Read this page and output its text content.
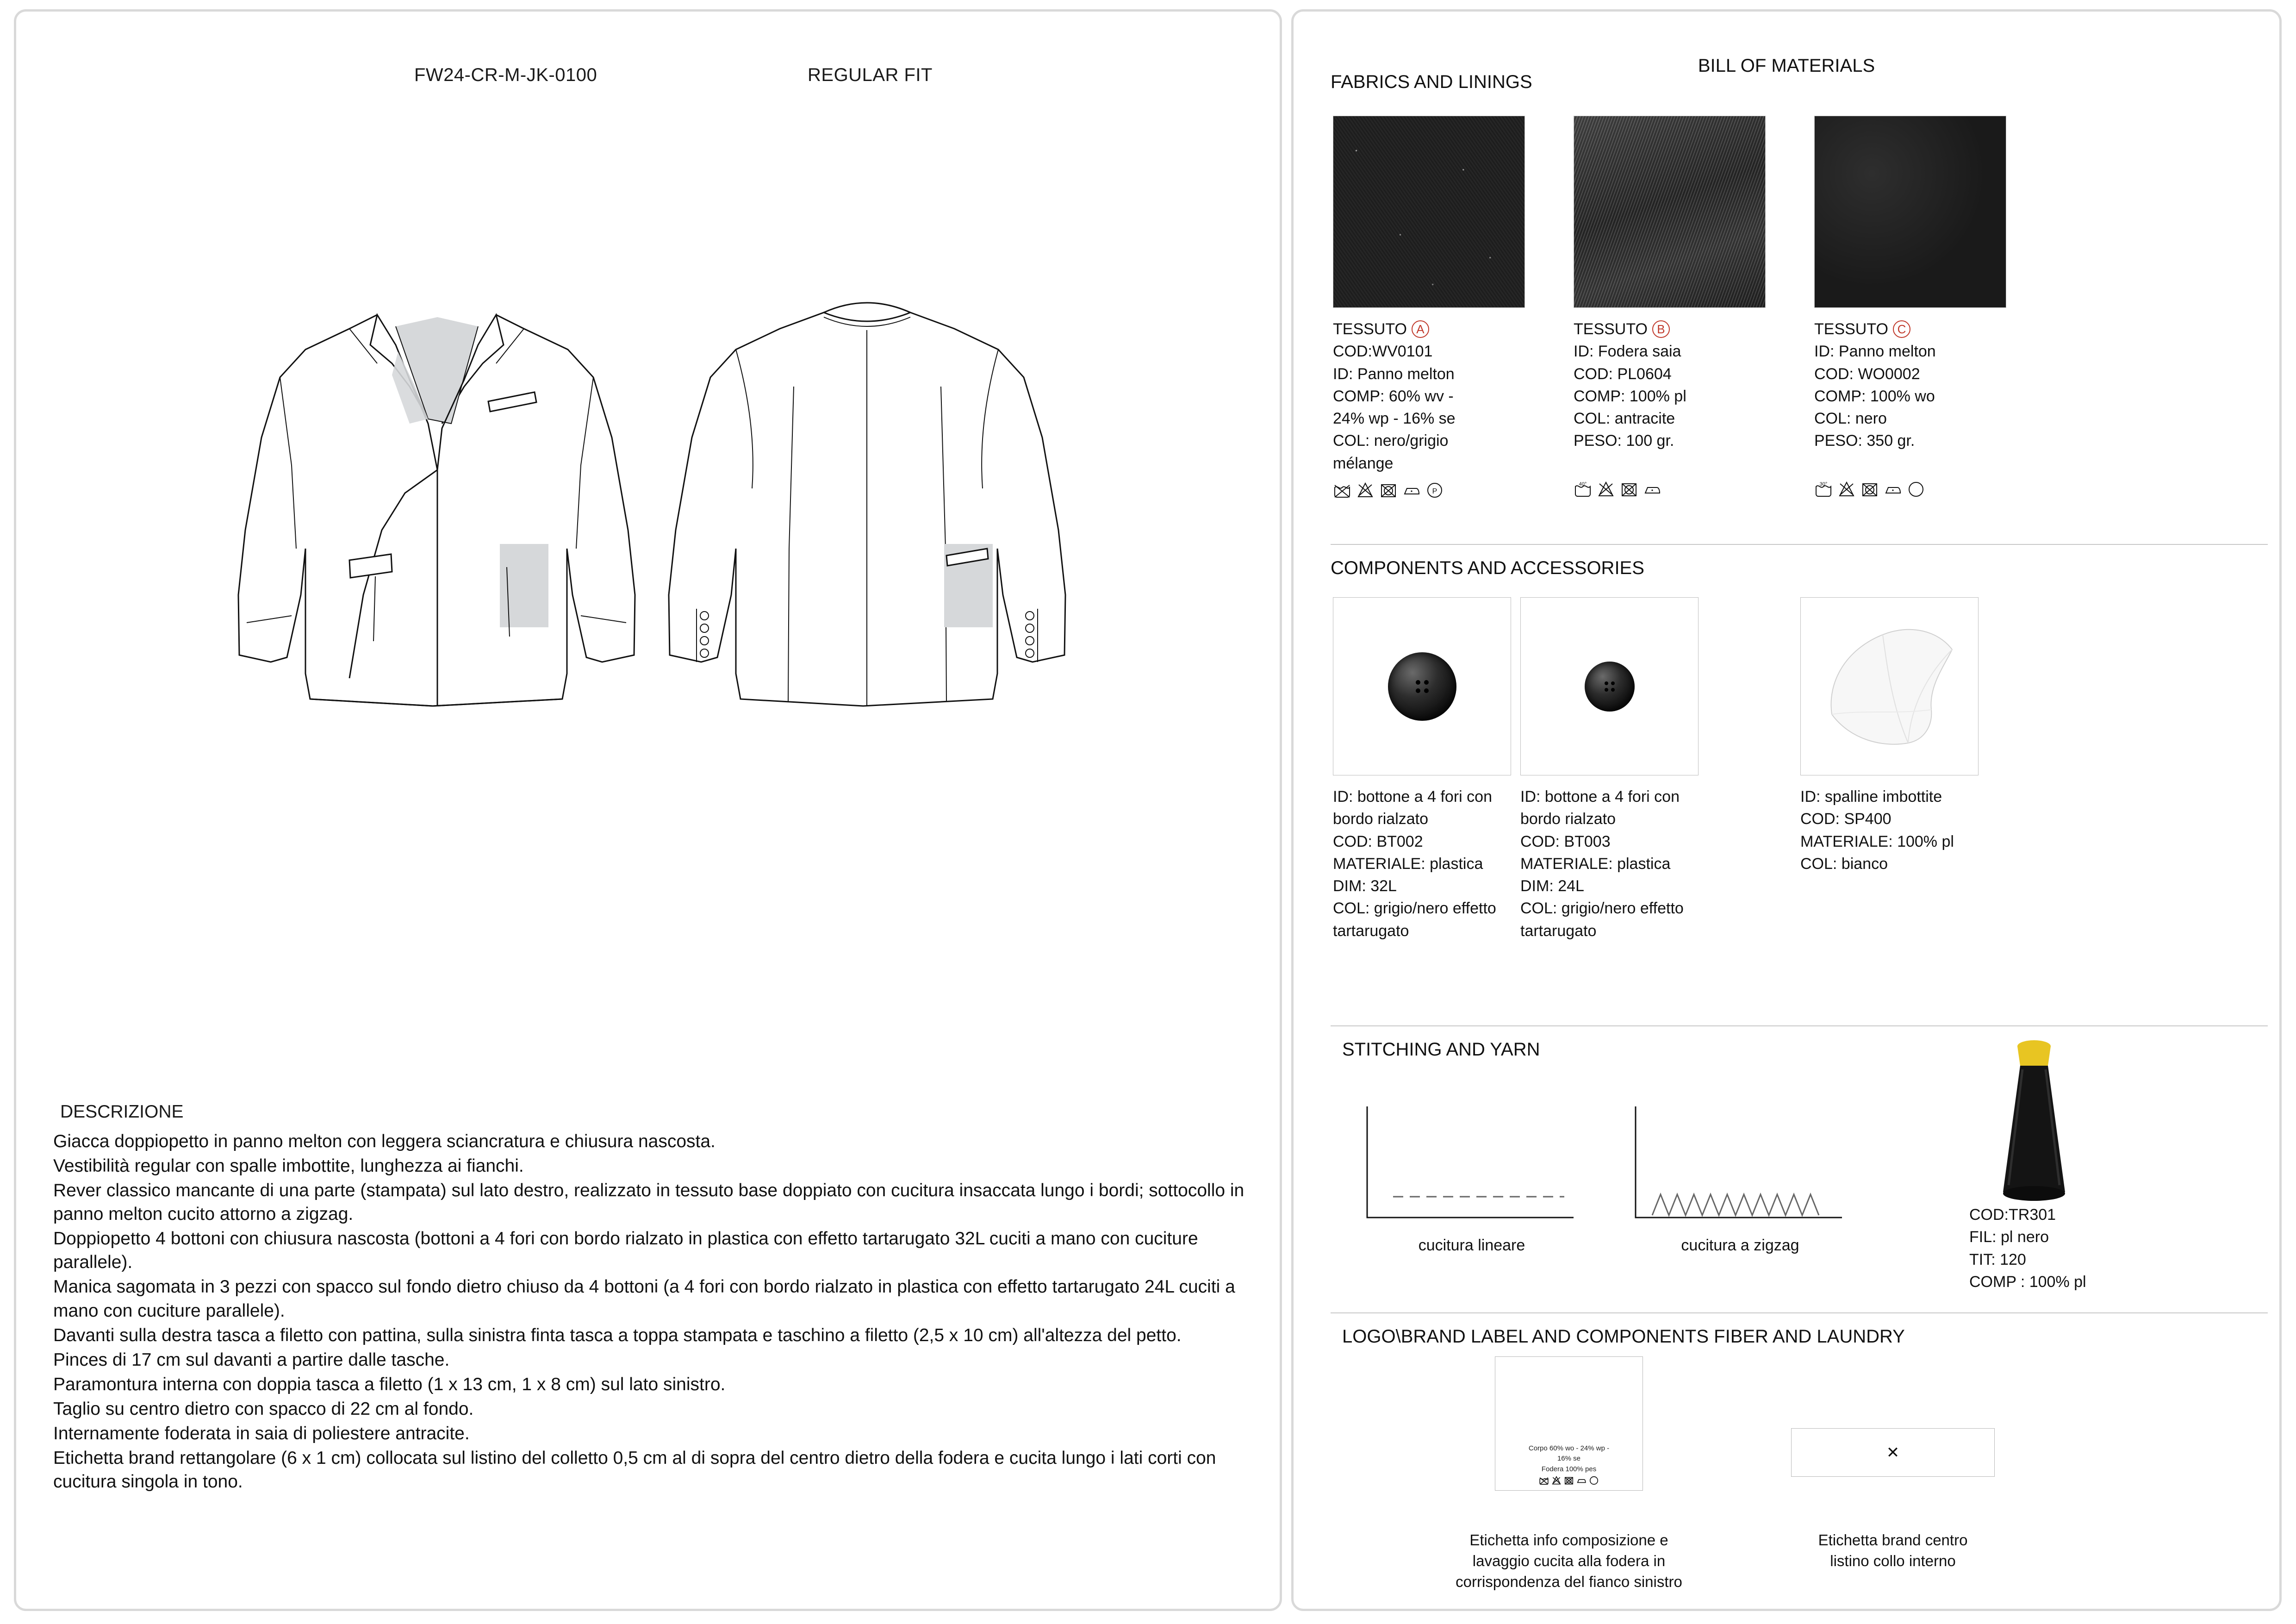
FW24-CR-M-JK-0100	REGULAR FIT
DESCRIZIONE

Giacca doppiopetto in panno melton con leggera sciancratura e chiusura nascosta.

Vestibilità regular con spalle imbottite, lunghezza ai fianchi.

Rever classico mancante di una parte (stampata) sul lato destro, realizzato in tessuto base doppiato con cucitura insaccata lungo i bordi; sottocollo in panno melton cucito attorno a zigzag.

Doppiopetto 4 bottoni con chiusura nascosta (bottoni a 4 fori con bordo rialzato in plastica con effetto tartarugato 32L cuciti a mano con cuciture parallele).

Manica sagomata in 3 pezzi con spacco sul fondo dietro chiuso da 4 bottoni (a 4 fori con bordo rialzato in plastica con effetto tartarugato 24L cuciti a mano con cuciture parallele).

Davanti sulla destra tasca a filetto con pattina, sulla sinistra finta tasca a toppa stampata e taschino a filetto (2,5 x 10 cm) all'altezza del petto.

Pinces di 17 cm sul davanti a partire dalle tasche.

Paramontura interna con doppia tasca a filetto (1 x 13 cm, 1 x 8 cm) sul lato sinistro.

Taglio su centro dietro con spacco di 22 cm al fondo.

Internamente foderata in saia di poliestere antracite.

Etichetta brand rettangolare (6 x 1 cm) collocata sul listino del colletto 0,5 cm al di sopra del centro dietro della fodera e cucita lungo i lati corti con cucitura singola in tono.

BILL OF MATERIALS
FABRICS AND LININGS
TESSUTO A
COD:WV0101
ID: Panno melton
COMP: 60% wv -
24% wp - 16% se
COL: nero/grigio
mélange
P
TESSUTO B
ID: Fodera saia
COD: PL0604
COMP: 100% pl
COL: antracite
PESO: 100 gr.
40°
TESSUTO C
ID: Panno melton
COD: WO0002
COMP: 100% wo
COL: nero
PESO: 350 gr.
30°
COMPONENTS AND ACCESSORIES
ID: bottone a 4 fori con
bordo rialzato
COD: BT002
MATERIALE: plastica
DIM: 32L
COL: grigio/nero effetto
tartarugato
ID: bottone a 4 fori con
bordo rialzato
COD: BT003
MATERIALE: plastica
DIM: 24L
COL: grigio/nero effetto
tartarugato
ID: spalline imbottite
COD: SP400
MATERIALE: 100% pl
COL: bianco
STITCHING AND YARN
cucitura lineare	cucitura a zigzag
COD:TR301
FIL: pl nero
TIT: 120
COMP : 100% pl
LOGO\BRAND LABEL AND COMPONENTS FIBER AND LAUNDRY
Corpo 60% wo - 24% wp -
16% se
Fodera 100% pes
Etichetta info composizione e
lavaggio cucita alla fodera in
corrispondenza del fianco sinistro
✕
Etichetta brand centro
listino collo interno
